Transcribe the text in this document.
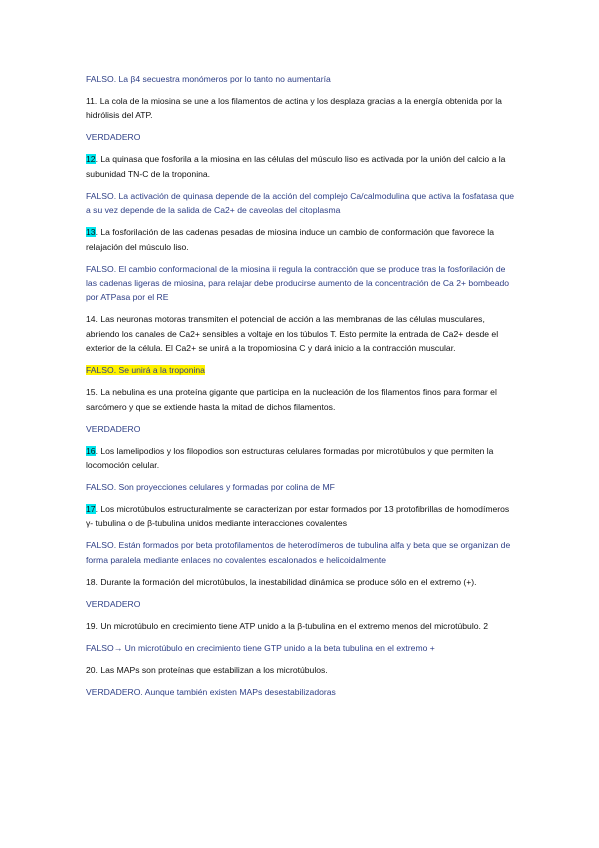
FALSO. La β4 secuestra monómeros por lo tanto no aumentaría

11. La cola de la miosina se une a los filamentos de actina y los desplaza gracias a la energía obtenida por la hidrólisis del ATP.

VERDADERO

12. La quinasa que fosforila a la miosina en las células del músculo liso es activada por la unión del calcio a la subunidad TN-C de la troponina.

FALSO. La activación de quinasa depende de la acción del complejo Ca/calmodulina que activa la fosfatasa que a su vez depende de la salida de Ca2+ de caveolas del citoplasma

13. La fosforilación de las cadenas pesadas de miosina induce un cambio de conformación que favorece la relajación del músculo liso.

FALSO. El cambio conformacional de la miosina ii regula la contracción que se produce tras la fosforilación de las cadenas ligeras de miosina, para relajar debe producirse aumento de la concentración de Ca 2+ bombeado por ATPasa por el RE

14. Las neuronas motoras transmiten el potencial de acción a las membranas de las células musculares, abriendo los canales de Ca2+ sensibles a voltaje en los túbulos T. Esto permite la entrada de Ca2+ desde el exterior de la célula. El Ca2+ se unirá a la tropomiosina C y dará inicio a la contracción muscular.

FALSO. Se unirá a la troponina

15. La nebulina es una proteína gigante que participa en la nucleación de los filamentos finos para formar el sarcómero y que se extiende hasta la mitad de dichos filamentos.

VERDADERO

16. Los lamelipodios y los filopodios son estructuras celulares formadas por microtúbulos y que permiten la locomoción celular.

FALSO. Son proyecciones celulares y formadas por colina de MF

17. Los microtúbulos estructuralmente se caracterizan por estar formados por 13 protofibrillas de homodímeros γ- tubulina o de β-tubulina unidos mediante interacciones covalentes

FALSO. Están formados por beta protofilamentos de heterodímeros de tubulina alfa y beta que se organizan de forma paralela mediante enlaces no covalentes escalonados e helicoidalmente

18. Durante la formación del microtúbulos, la inestabilidad dinámica se produce sólo en el extremo (+).

VERDADERO

19. Un microtúbulo en crecimiento tiene ATP unido a la β-tubulina en el extremo menos del microtúbulo. 2

FALSO→ Un microtúbulo en crecimiento tiene GTP unido a la beta tubulina en el extremo +

20. Las MAPs son proteínas que estabilizan a los microtúbulos.

VERDADERO. Aunque también existen MAPs desestabilizadoras
